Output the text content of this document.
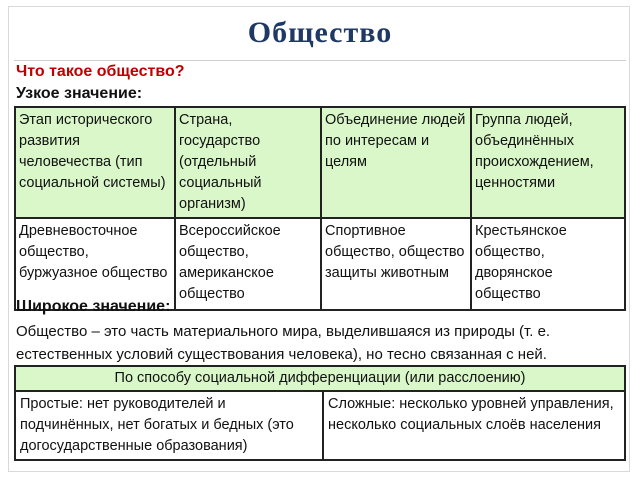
Общество
Что такое общество?
Узкое значение:
Этап исторического развития человечества (тип социальной системы)	Страна, государство (отдельный социальный организм)	Объединение людей по интересам и целям	Группа людей, объединённых происхождением, ценностями
Древневосточное общество, буржуазное общество	Всероссийское общество, американское общество	Спортивное общество, общество защиты животным	Крестьянское общество, дворянское общество
Широкое значение:
Общество – это часть материального мира, выделившаяся из природы (т. е. естественных условий существования человека), но тесно связанная с ней.
По способу социальной дифференциации (или расслоению)
Простые: нет руководителей и подчинённых, нет богатых и бедных (это догосударственные образования)	Сложные: несколько уровней управления, несколько социальных слоёв населения
